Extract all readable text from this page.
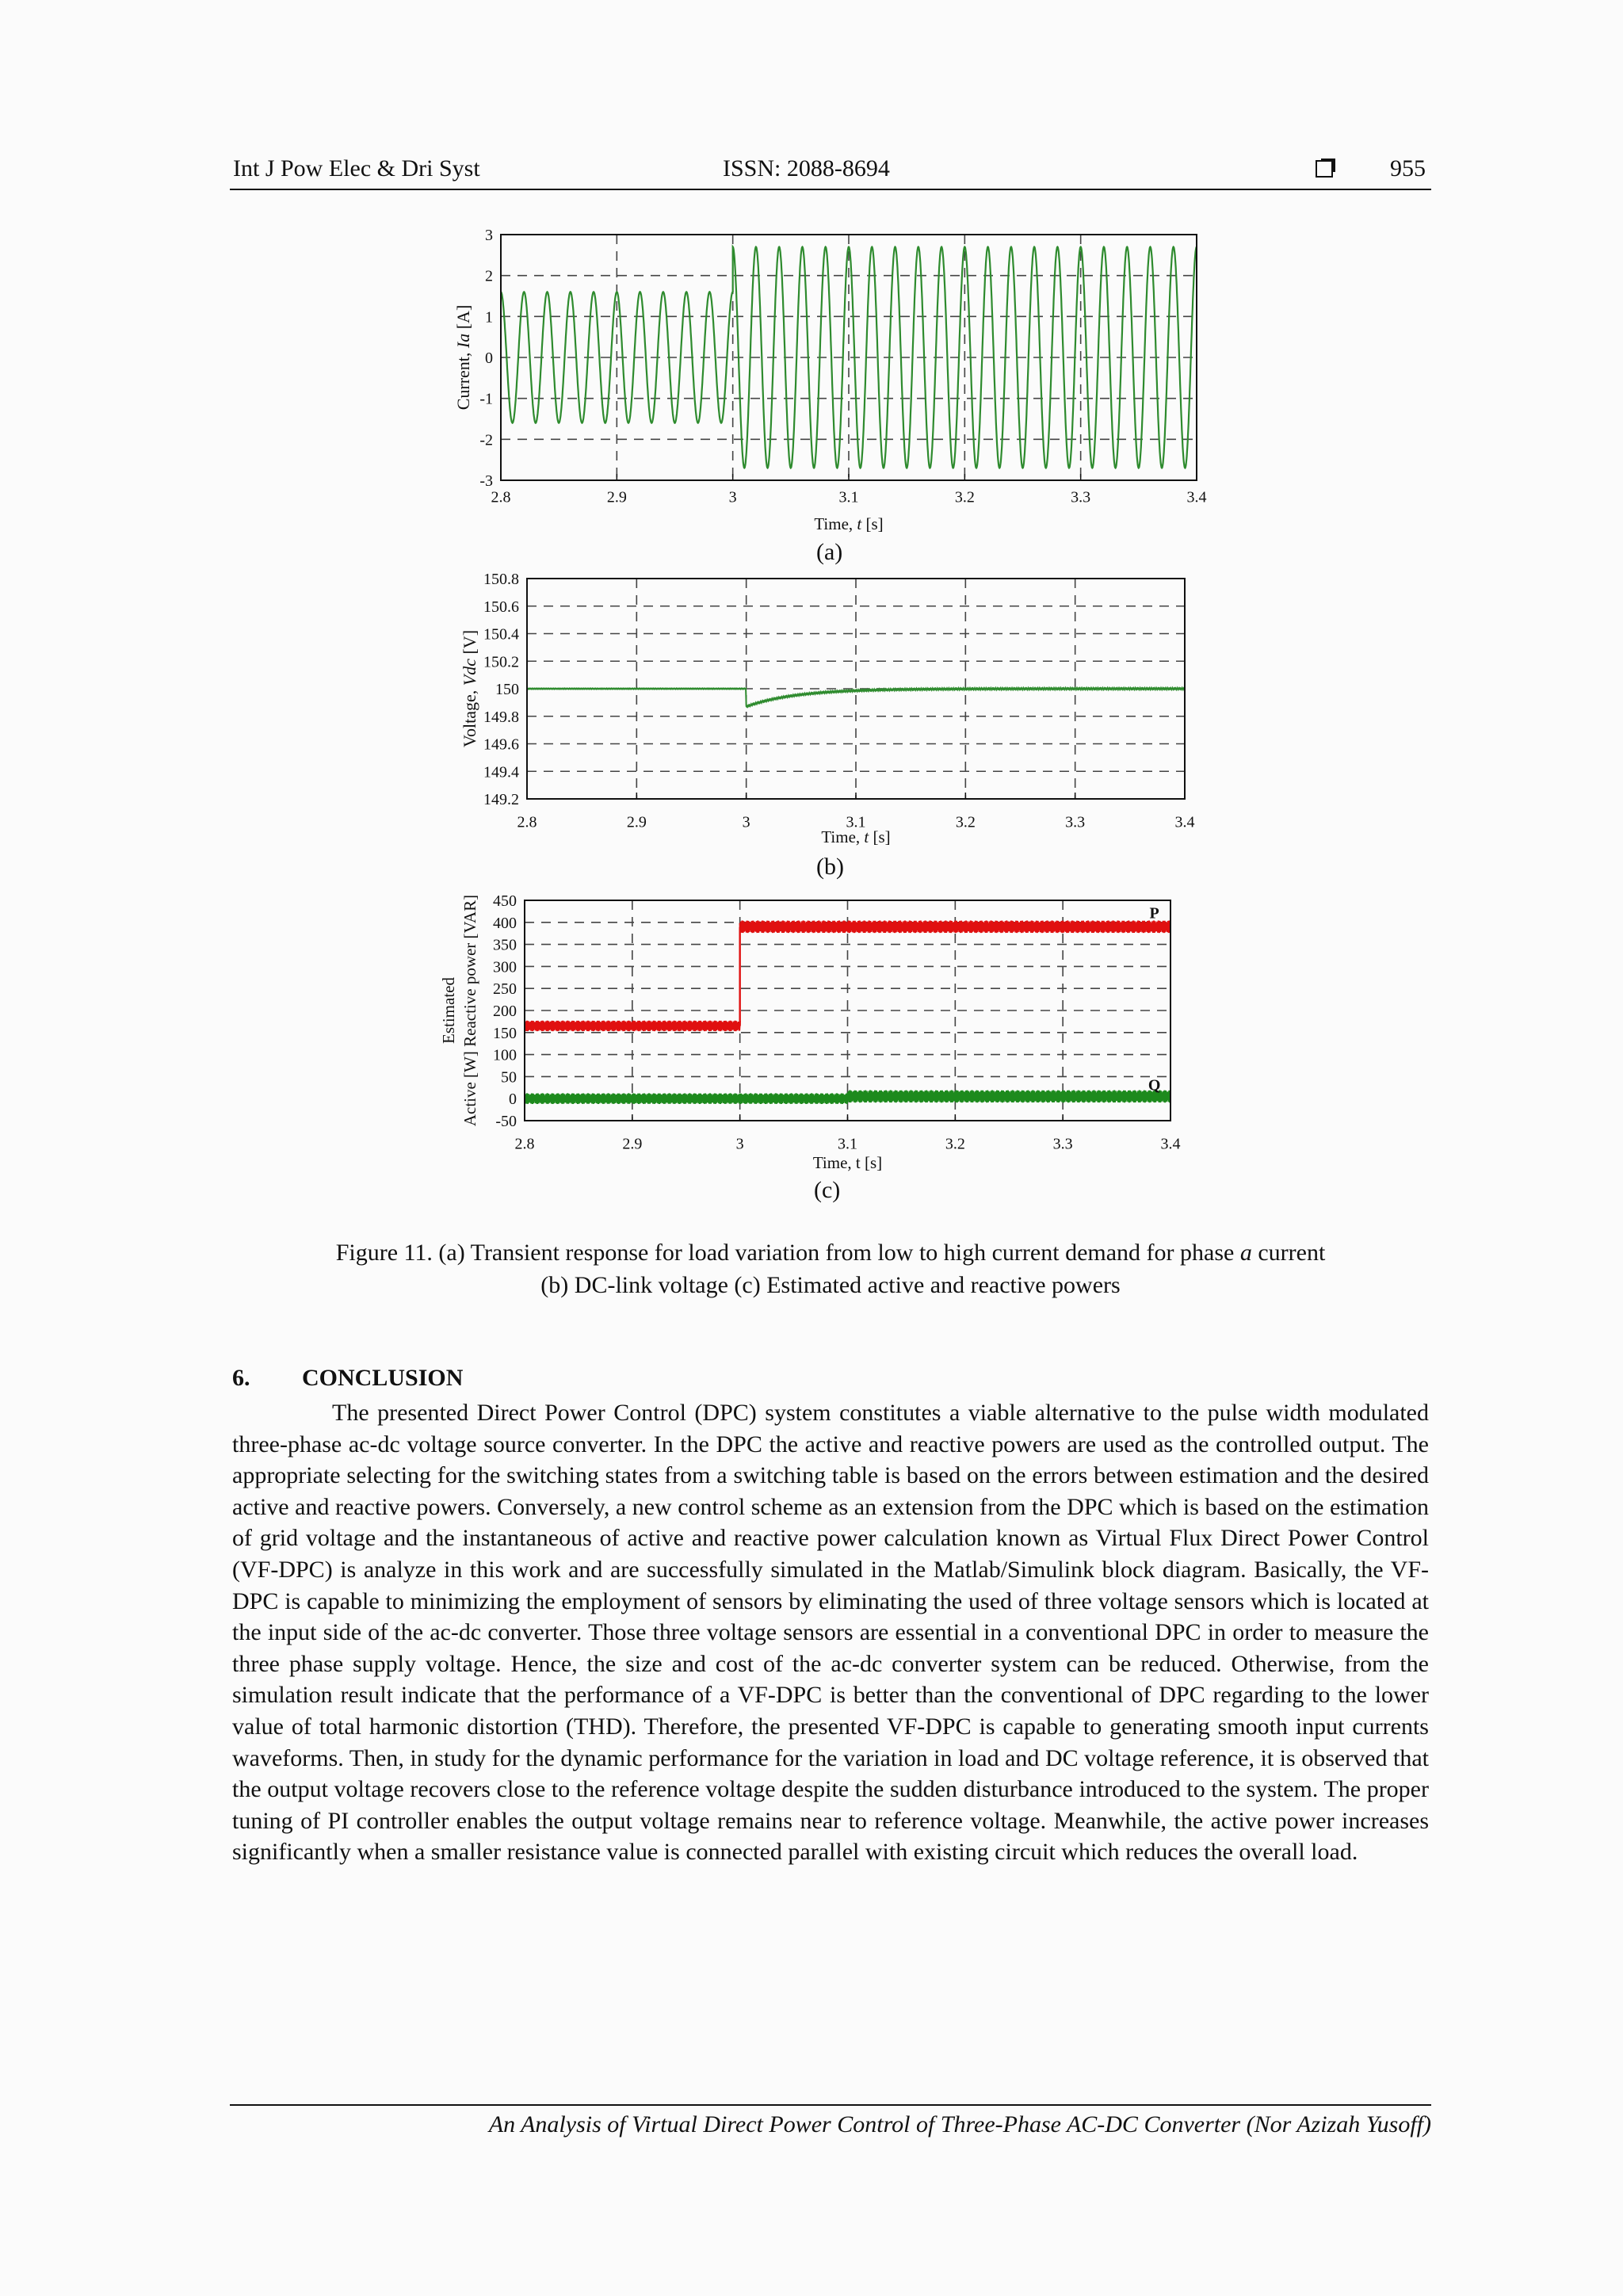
Int J Pow Elec & Dri Syst	ISSN: 2088-8694	955
2.8	2.9	3	3.1	3.2	3.3	3.4
3
2
1
0
-1
-2
-3
Time, t [s]
Current, Ia [A]
2.8	2.9	3	3.1	3.2	3.3	3.4
150.8
150.6
150.4
150.2
150
149.8
149.6
149.4
149.2
Time, t [s]
Voltage, Vdc [V]
2.8	2.9	3	3.1	3.2	3.3	3.4
450
400
350
300
250
200
150
100
50
0
-50
Time, t [s]
Estimated Active [W] Reactive power [VAR]	P
Q
(a)
(b)
(c)
Figure 11. (a) Transient response for load variation from low to high current demand for phase a current
(b) DC-link voltage (c) Estimated active and reactive powers
6. CONCLUSION
The presented Direct Power Control (DPC) system constitutes a viable alternative to the pulse width modulated three-phase ac-dc voltage source converter. In the DPC the active and reactive powers are used as the controlled output. The appropriate selecting for the switching states from a switching table is based on the errors between estimation and the desired active and reactive powers. Conversely, a new control scheme as an extension from the DPC which is based on the estimation of grid voltage and the instantaneous of active and reactive power calculation known as Virtual Flux Direct Power Control (VF-DPC) is analyze in this work and are successfully simulated in the Matlab/Simulink block diagram. Basically, the VF-DPC is capable to minimizing the employment of sensors by eliminating the used of three voltage sensors which is located at the input side of the ac-dc converter. Those three voltage sensors are essential in a conventional DPC in order to measure the three phase supply voltage. Hence, the size and cost of the ac-dc converter system can be reduced. Otherwise, from the simulation result indicate that the performance of a VF-DPC is better than the conventional of DPC regarding to the lower value of total harmonic distortion (THD). Therefore, the presented VF-DPC is capable to generating smooth input currents waveforms. Then, in study for the dynamic performance for the variation in load and DC voltage reference, it is observed that the output voltage recovers close to the reference voltage despite the sudden disturbance introduced to the system. The proper tuning of PI controller enables the output voltage remains near to reference voltage. Meanwhile, the active power increases significantly when a smaller resistance value is connected parallel with existing circuit which reduces the overall load.
An Analysis of Virtual Direct Power Control of Three-Phase AC-DC Converter (Nor Azizah Yusoff)
